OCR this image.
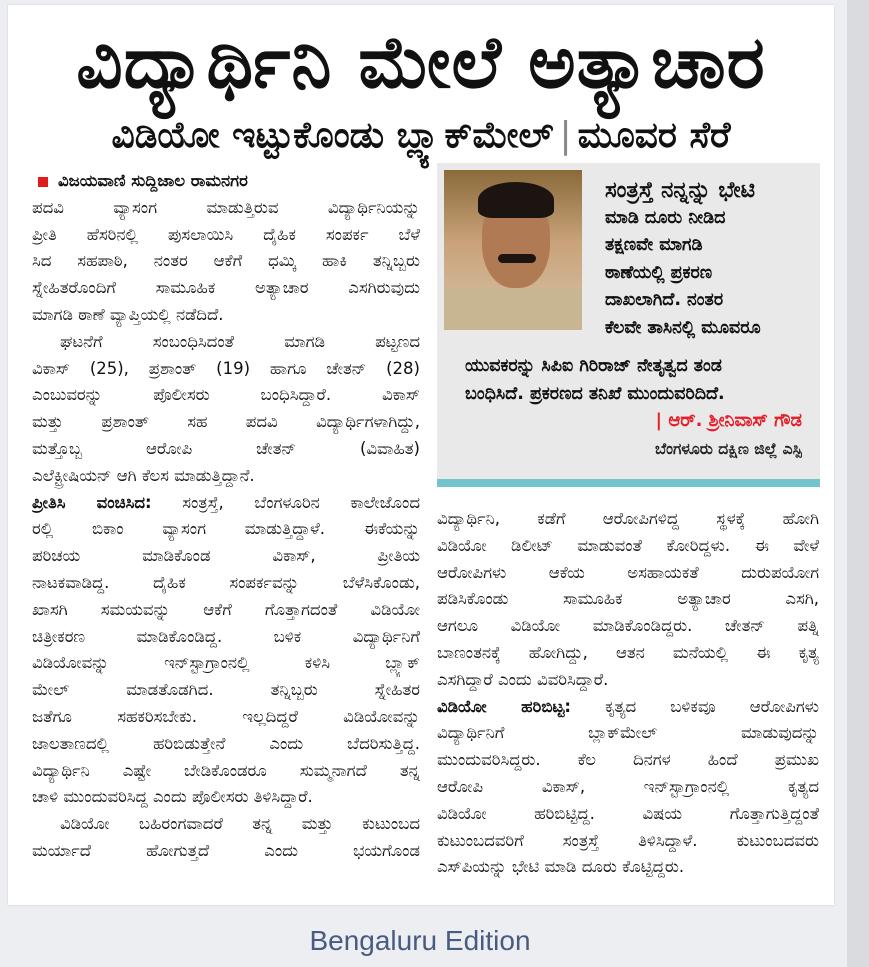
ವಿದ್ಯಾರ್ಥಿನಿ ಮೇಲೆ ಅತ್ಯಾಚಾರ
ವಿಡಿಯೋ ಇಟ್ಟುಕೊಂಡು ಬ್ಲ್ಯಾಕ್‌ಮೇಲ್ | ಮೂವರ ಸೆರೆ
ವಿಜಯವಾಣಿ ಸುದ್ದಿಜಾಲ ರಾಮನಗರ
ಪದವಿ ವ್ಯಾಸಂಗ ಮಾಡುತ್ತಿರುವ ವಿದ್ಯಾರ್ಥಿನಿಯನ್ನು
ಪ್ರೀತಿ ಹೆಸರಿನಲ್ಲಿ ಪುಸಲಾಯಿಸಿ ದೈಹಿಕ ಸಂಪರ್ಕ ಬೆಳೆ
ಸಿದ ಸಹಪಾಠಿ, ನಂತರ ಆಕೆಗೆ ಧಮ್ಕಿ ಹಾಕಿ ತನ್ನಿಬ್ಬರು
ಸ್ನೇಹಿತರೊಂದಿಗೆ ಸಾಮೂಹಿಕ ಅತ್ಯಾಚಾರ ಎಸಗಿರುವುದು
ಮಾಗಡಿ ಠಾಣೆ ವ್ಯಾಪ್ತಿಯಲ್ಲಿ ನಡೆದಿದೆ.
ಘಟನೆಗೆ ಸಂಬಂಧಿಸಿದಂತೆ ಮಾಗಡಿ ಪಟ್ಟಣದ
ವಿಕಾಸ್ (25), ಪ್ರಶಾಂತ್ (19) ಹಾಗೂ ಚೇತನ್ (28)
ಎಂಬುವರನ್ನು ಪೊಲೀಸರು ಬಂಧಿಸಿದ್ದಾರೆ. ವಿಕಾಸ್
ಮತ್ತು ಪ್ರಶಾಂತ್ ಸಹ ಪದವಿ ವಿದ್ಯಾರ್ಥಿಗಳಾಗಿದ್ದು,
ಮತ್ತೊಬ್ಬ ಆರೋಪಿ ಚೇತನ್ (ವಿವಾಹಿತ)
ಎಲೆಕ್ಟ್ರೀಷಿಯನ್ ಆಗಿ ಕೆಲಸ ಮಾಡುತ್ತಿದ್ದಾನೆ.
ಪ್ರೀತಿಸಿ ವಂಚಿಸಿದ: ಸಂತ್ರಸ್ತೆ, ಬೆಂಗಳೂರಿನ ಕಾಲೇಜೊಂದ
ರಲ್ಲಿ ಬಿಕಾಂ ವ್ಯಾಸಂಗ ಮಾಡುತ್ತಿದ್ದಾಳೆ. ಈಕೆಯನ್ನು
ಪರಿಚಯ ಮಾಡಿಕೊಂಡ ವಿಕಾಸ್, ಪ್ರೀತಿಯ
ನಾಟಕವಾಡಿದ್ದ. ದೈಹಿಕ ಸಂಪರ್ಕವನ್ನು ಬೆಳೆಸಿಕೊಂಡು,
ಖಾಸಗಿ ಸಮಯವನ್ನು ಆಕೆಗೆ ಗೊತ್ತಾಗದಂತೆ ವಿಡಿಯೋ
ಚಿತ್ರೀಕರಣ ಮಾಡಿಕೊಂಡಿದ್ದ. ಬಳಿಕ ವಿದ್ಯಾರ್ಥಿನಿಗೆ
ವಿಡಿಯೋವನ್ನು ಇನ್‌ಸ್ಟಾಗ್ರಾಂನಲ್ಲಿ ಕಳಿಸಿ ಬ್ಲ್ಯಾಕ್
ಮೇಲ್ ಮಾಡತೊಡಗಿದ. ತನ್ನಿಬ್ಬರು ಸ್ನೇಹಿತರ
ಜತೆಗೂ ಸಹಕರಿಸಬೇಕು. ಇಲ್ಲದಿದ್ದರೆ ವಿಡಿಯೋವನ್ನು
ಜಾಲತಾಣದಲ್ಲಿ ಹರಿಬಿಡುತ್ತೇನೆ ಎಂದು ಬೆದರಿಸುತ್ತಿದ್ದ.
ವಿದ್ಯಾರ್ಥಿನಿ ಎಷ್ಟೇ ಬೇಡಿಕೊಂಡರೂ ಸುಮ್ಮನಾಗದೆ ತನ್ನ
ಚಾಳಿ ಮುಂದುವರಿಸಿದ್ದ ಎಂದು ಪೊಲೀಸರು ತಿಳಿಸಿದ್ದಾರೆ.
ವಿಡಿಯೋ ಬಹಿರಂಗವಾದರೆ ತನ್ನ ಮತ್ತು ಕುಟುಂಬದ
ಮರ್ಯಾದೆ ಹೋಗುತ್ತದೆ ಎಂದು ಭಯಗೊಂಡ
ಸಂತ್ರಸ್ತೆ ನನ್ನನ್ನು ಭೇಟಿ
ಮಾಡಿ ದೂರು ನೀಡಿದ
ತಕ್ಷಣವೇ ಮಾಗಡಿ
ಠಾಣೆಯಲ್ಲಿ ಪ್ರಕರಣ
ದಾಖಲಾಗಿದೆ. ನಂತರ
ಕೆಲವೇ ತಾಸಿನಲ್ಲಿ ಮೂವರೂ
ಯುವಕರನ್ನು ಸಿಪಿಐ ಗಿರಿರಾಜ್ ನೇತೃತ್ವದ ತಂಡ
ಬಂಧಿಸಿದೆ. ಪ್ರಕರಣದ ತನಿಖೆ ಮುಂದುವರಿದಿದೆ.
| ಆರ್. ಶ್ರೀನಿವಾಸ್ ಗೌಡ
ಬೆಂಗಳೂರು ದಕ್ಷಿಣ ಜಿಲ್ಲೆ ಎಸ್ಪಿ
ವಿದ್ಯಾರ್ಥಿನಿ, ಕಡೆಗೆ ಆರೋಪಿಗಳಿದ್ದ ಸ್ಥಳಕ್ಕೆ ಹೋಗಿ
ವಿಡಿಯೋ ಡಿಲೀಟ್ ಮಾಡುವಂತೆ ಕೋರಿದ್ದಳು. ಈ ವೇಳೆ
ಆರೋಪಿಗಳು ಆಕೆಯ ಅಸಹಾಯಕತೆ ದುರುಪಯೋಗ
ಪಡಿಸಿಕೊಂಡು ಸಾಮೂಹಿಕ ಅತ್ಯಾಚಾರ ಎಸಗಿ,
ಆಗಲೂ ವಿಡಿಯೋ ಮಾಡಿಕೊಂಡಿದ್ದರು. ಚೇತನ್ ಪತ್ನಿ
ಬಾಣಂತನಕ್ಕೆ ಹೋಗಿದ್ದು, ಆತನ ಮನೆಯಲ್ಲಿ ಈ ಕೃತ್ಯ
ಎಸಗಿದ್ದಾರೆ ಎಂದು ವಿವರಿಸಿದ್ದಾರೆ.
ವಿಡಿಯೋ ಹರಿಬಿಟ್ಟ: ಕೃತ್ಯದ ಬಳಿಕವೂ ಆರೋಪಿಗಳು
ವಿದ್ಯಾರ್ಥಿನಿಗೆ ಬ್ಲಾಕ್‌ಮೇಲ್ ಮಾಡುವುದನ್ನು
ಮುಂದುವರಿಸಿದ್ದರು. ಕೆಲ ದಿನಗಳ ಹಿಂದೆ ಪ್ರಮುಖ
ಆರೋಪಿ ವಿಕಾಸ್, ಇನ್‌ಸ್ಟಾಗ್ರಾಂನಲ್ಲಿ ಕೃತ್ಯದ
ವಿಡಿಯೋ ಹರಿಬಿಟ್ಟಿದ್ದ. ವಿಷಯ ಗೊತ್ತಾಗುತ್ತಿದ್ದಂತೆ
ಕುಟುಂಬದವರಿಗೆ ಸಂತ್ರಸ್ತೆ ತಿಳಿಸಿದ್ದಾಳೆ. ಕುಟುಂಬದವರು
ಎಸ್‌ಪಿಯನ್ನು ಭೇಟಿ ಮಾಡಿ ದೂರು ಕೊಟ್ಟಿದ್ದರು.
Bengaluru Edition
